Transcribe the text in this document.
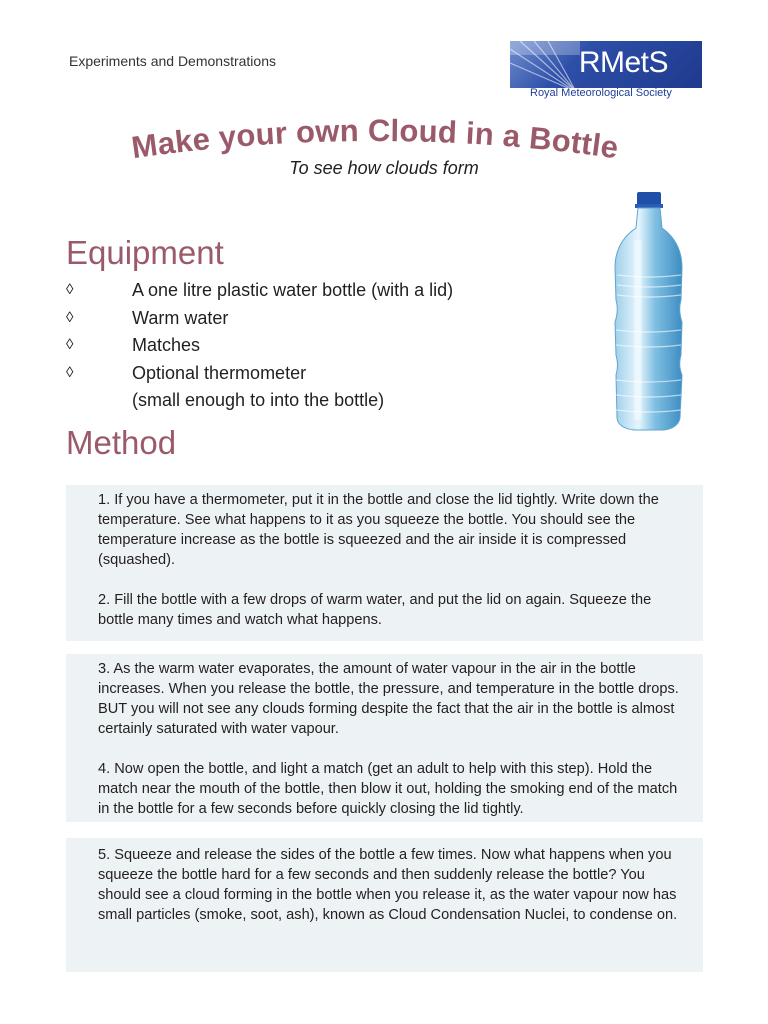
Experiments and Demonstrations	RMetS
Royal Meteorological Society
Make your own Cloud in a Bottle
To see how clouds form
Equipment
◊	A one litre plastic water bottle (with a lid)
◊	Warm water
◊	Matches
◊	Optional thermometer
(small enough to into the bottle)
Method

1. If you have a thermometer, put it in the bottle and close the lid tightly. Write down the temperature. See what happens to it as you squeeze the bottle. You should see the temperature increase as the bottle is squeezed and the air inside it is compressed (squashed).

2. Fill the bottle with a few drops of warm water, and put the lid on again. Squeeze the bottle many times and watch what happens.

3. As the warm water evaporates, the amount of water vapour in the air in the bottle increases. When you release the bottle, the pressure, and temperature in the bottle drops. BUT you will not see any clouds forming despite the fact that the air in the bottle is almost certainly saturated with water vapour.

4. Now open the bottle, and light a match (get an adult to help with this step). Hold the match near the mouth of the bottle, then blow it out, holding the smoking end of the match in the bottle for a few seconds before quickly closing the lid tightly.

5. Squeeze and release the sides of the bottle a few times. Now what happens when you squeeze the bottle hard for a few seconds and then suddenly release the bottle? You should see a cloud forming in the bottle when you release it, as the water vapour now has small particles (smoke, soot, ash), known as Cloud Condensation Nuclei, to condense on.
